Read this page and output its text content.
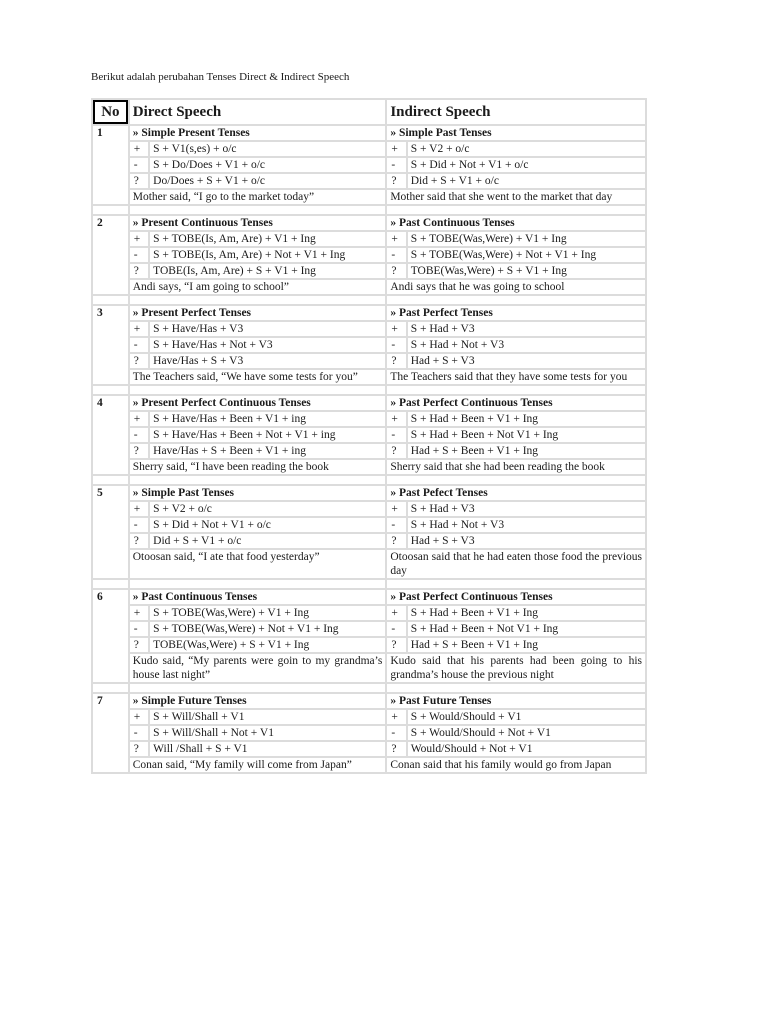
Berikut adalah perubahan Tenses Direct & Indirect Speech
No	Direct Speech		Indirect Speech	
1	» Simple Present Tenses		» Simple Past Tenses	
	+	S + V1(s,es) + o/c	+	S + V2 + o/c
	-	S + Do/Does + V1 + o/c	-	S + Did + Not + V1 + o/c
	?	Do/Does + S + V1 + o/c	?	Did + S + V1 + o/c
	Mother said, “I go to the market today”		Mother said that she went to the market that day	

2	» Present Continuous Tenses		» Past Continuous Tenses	
	+	S + TOBE(Is, Am, Are) + V1 + Ing	+	S + TOBE(Was,Were) + V1 + Ing
	-	S + TOBE(Is, Am, Are) + Not + V1 + Ing	-	S + TOBE(Was,Were) + Not + V1 + Ing
	?	TOBE(Is, Am, Are) + S + V1 + Ing	?	TOBE(Was,Were) + S + V1 + Ing
	Andi says, “I am going to school”		Andi says that he was going to school	

3	» Present Perfect Tenses		» Past Perfect Tenses	
	+	S + Have/Has + V3	+	S + Had + V3
	-	S + Have/Has + Not + V3	-	S + Had + Not + V3
	?	Have/Has + S + V3	?	Had + S + V3
	The Teachers said, “We have some tests for you”		The Teachers said that they have some tests for you	

4	» Present Perfect Continuous Tenses		» Past Perfect Continuous Tenses	
	+	S + Have/Has + Been + V1 + ing	+	S + Had + Been + V1 + Ing
	-	S + Have/Has + Been + Not + V1 + ing	-	S + Had + Been + Not V1 + Ing
	?	Have/Has + S + Been + V1 + ing	?	Had + S + Been + V1 + Ing
	Sherry said, “I have been reading the book		Sherry said that she had been reading the book	

5	» Simple Past Tenses		» Past Pefect Tenses	
	+	S + V2 + o/c	+	S + Had + V3
	-	S + Did + Not + V1 + o/c	-	S + Had + Not + V3
	?	Did + S + V1 + o/c	?	Had + S + V3
	Otoosan said, “I ate that food yesterday”		Otoosan said that he had eaten those food the previous day	

6	» Past Continuous Tenses		» Past Perfect Continuous Tenses	
	+	S + TOBE(Was,Were) + V1 + Ing	+	S + Had + Been + V1 + Ing
	-	S + TOBE(Was,Were) + Not + V1 + Ing	-	S + Had + Been + Not V1 + Ing
	?	TOBE(Was,Were) + S + V1 + Ing	?	Had + S + Been + V1 + Ing
	Kudo said, “My parents were goin to my grandma’s house last night”		Kudo said that his parents had been going to his grandma’s house the previous night	

7	» Simple Future Tenses		» Past Future Tenses	
	+	S + Will/Shall + V1	+	S + Would/Should + V1
	-	S + Will/Shall + Not + V1	-	S + Would/Should + Not + V1
	?	Will /Shall + S + V1	?	Would/Should + Not + V1
	Conan said, “My family will come from Japan”		Conan said that his family would go from Japan	
